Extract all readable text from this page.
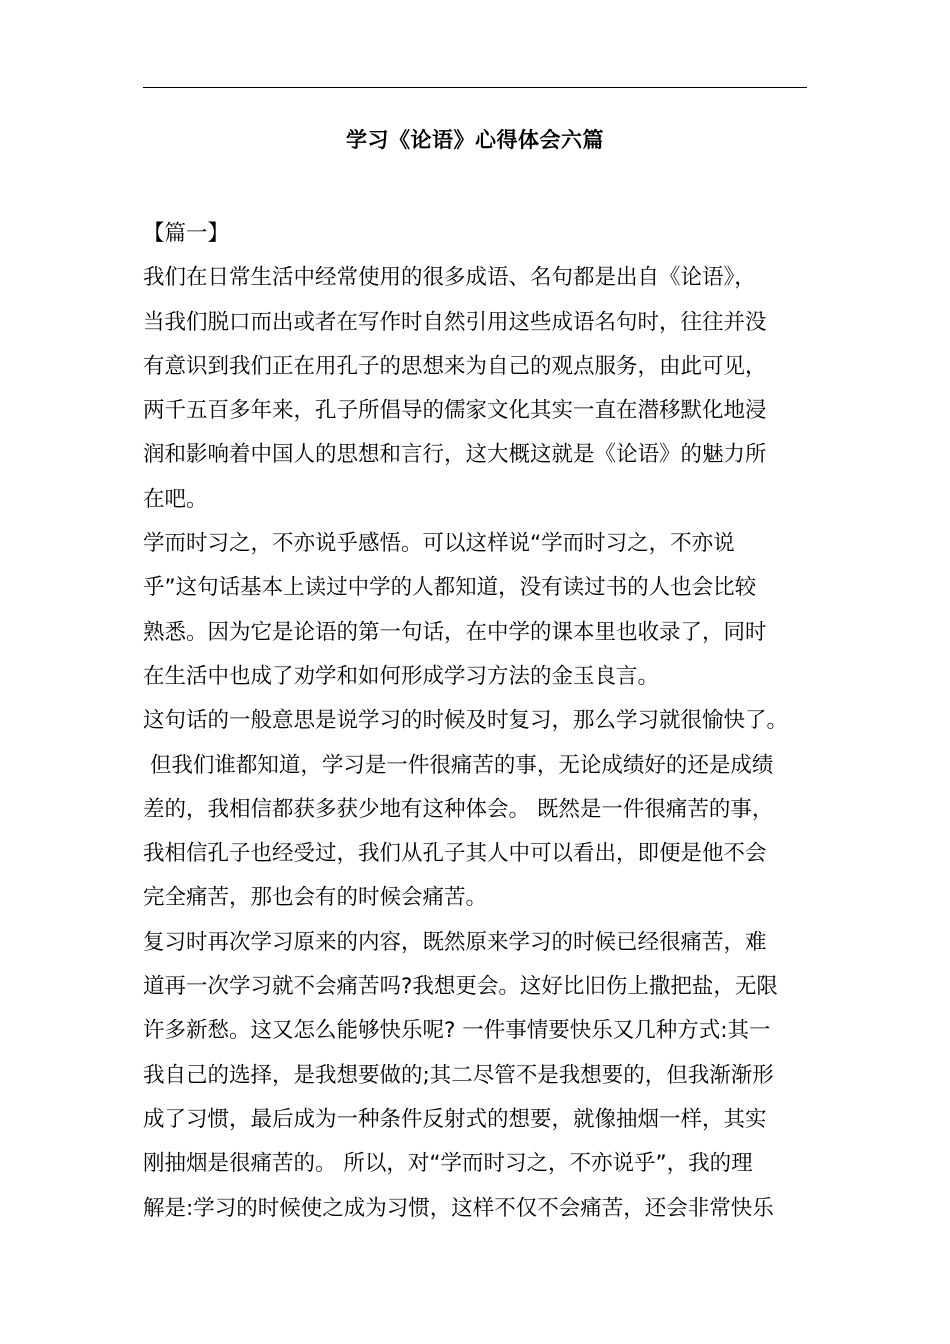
学习《论语》心得体会六篇
【篇一】
我们在日常生活中经常使用的很多成语、名句都是出自《论语》，
当我们脱口而出或者在写作时自然引用这些成语名句时，往往并没
有意识到我们正在用孔子的思想来为自己的观点服务，由此可见，
两千五百多年来，孔子所倡导的儒家文化其实一直在潜移默化地浸
润和影响着中国人的思想和言行，这大概这就是《论语》的魅力所
在吧。
学而时习之，不亦说乎感悟。可以这样说“学而时习之，不亦说
乎”这句话基本上读过中学的人都知道，没有读过书的人也会比较
熟悉。因为它是论语的第一句话，在中学的课本里也收录了，同时
在生活中也成了劝学和如何形成学习方法的金玉良言。
这句话的一般意思是说学习的时候及时复习，那么学习就很愉快了。
但我们谁都知道，学习是一件很痛苦的事，无论成绩好的还是成绩
差的，我相信都获多获少地有这种体会。 既然是一件很痛苦的事，
我相信孔子也经受过，我们从孔子其人中可以看出，即便是他不会
完全痛苦，那也会有的时候会痛苦。
复习时再次学习原来的内容，既然原来学习的时候已经很痛苦，难
道再一次学习就不会痛苦吗?我想更会。这好比旧伤上撒把盐，无限
许多新愁。这又怎么能够快乐呢? 一件事情要快乐又几种方式:其一
我自己的选择，是我想要做的;其二尽管不是我想要的，但我渐渐形
成了习惯，最后成为一种条件反射式的想要，就像抽烟一样，其实
刚抽烟是很痛苦的。 所以，对“学而时习之，不亦说乎”，我的理
解是:学习的时候使之成为习惯，这样不仅不会痛苦，还会非常快乐
